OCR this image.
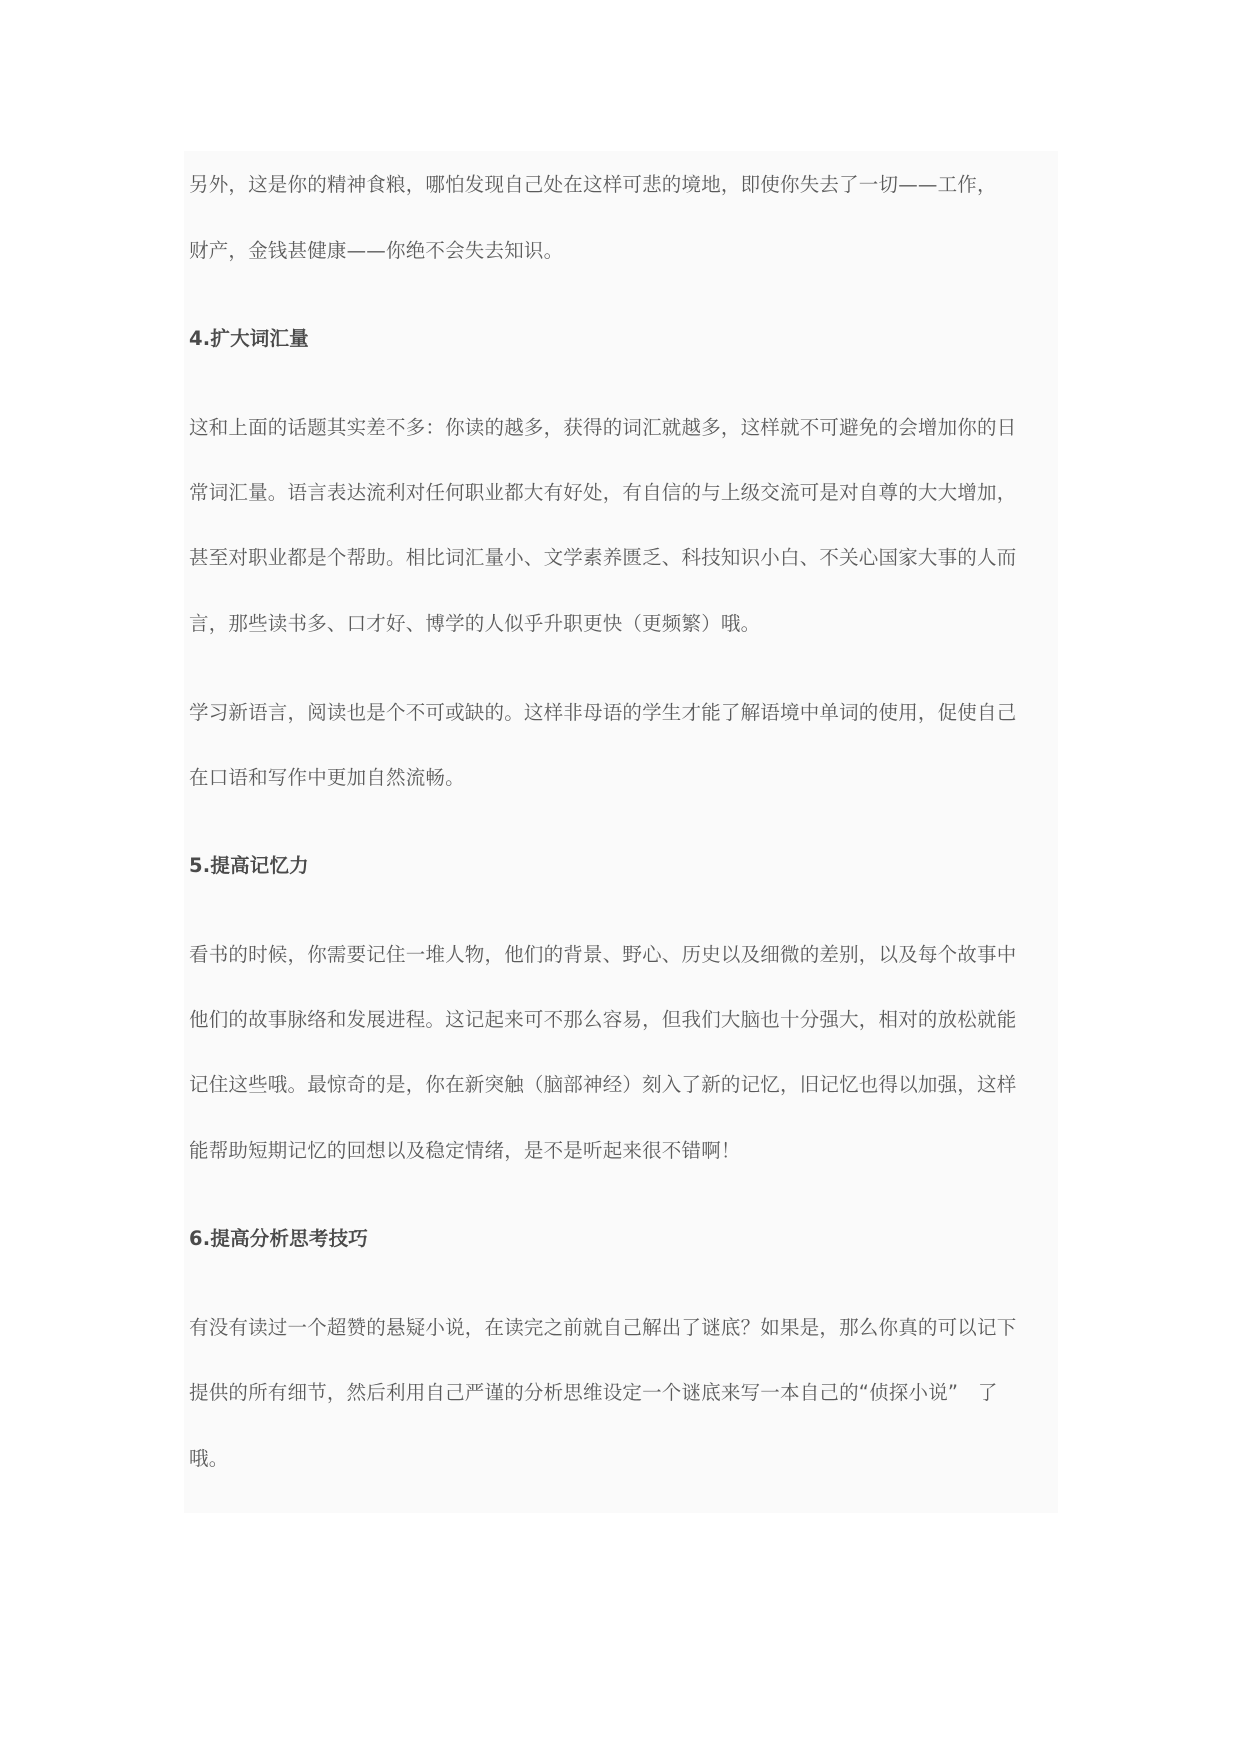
另外，这是你的精神食粮，哪怕发现自己处在这样可悲的境地，即使你失去了一切——工作，
财产，金钱甚健康——你绝不会失去知识。
4.扩大词汇量
这和上面的话题其实差不多：你读的越多，获得的词汇就越多，这样就不可避免的会增加你的日
常词汇量。语言表达流利对任何职业都大有好处，有自信的与上级交流可是对自尊的大大增加，
甚至对职业都是个帮助。相比词汇量小、文学素养匮乏、科技知识小白、不关心国家大事的人而
言，那些读书多、口才好、博学的人似乎升职更快（更频繁）哦。
学习新语言，阅读也是个不可或缺的。这样非母语的学生才能了解语境中单词的使用，促使自己
在口语和写作中更加自然流畅。
5.提高记忆力
看书的时候，你需要记住一堆人物，他们的背景、野心、历史以及细微的差别，以及每个故事中
他们的故事脉络和发展进程。这记起来可不那么容易，但我们大脑也十分强大，相对的放松就能
记住这些哦。最惊奇的是，你在新突触（脑部神经）刻入了新的记忆，旧记忆也得以加强，这样
能帮助短期记忆的回想以及稳定情绪，是不是听起来很不错啊！
6.提高分析思考技巧
有没有读过一个超赞的悬疑小说，在读完之前就自己解出了谜底？如果是，那么你真的可以记下
提供的所有细节，然后利用自己严谨的分析思维设定一个谜底来写一本自己的“侦探小说”　了
哦。
